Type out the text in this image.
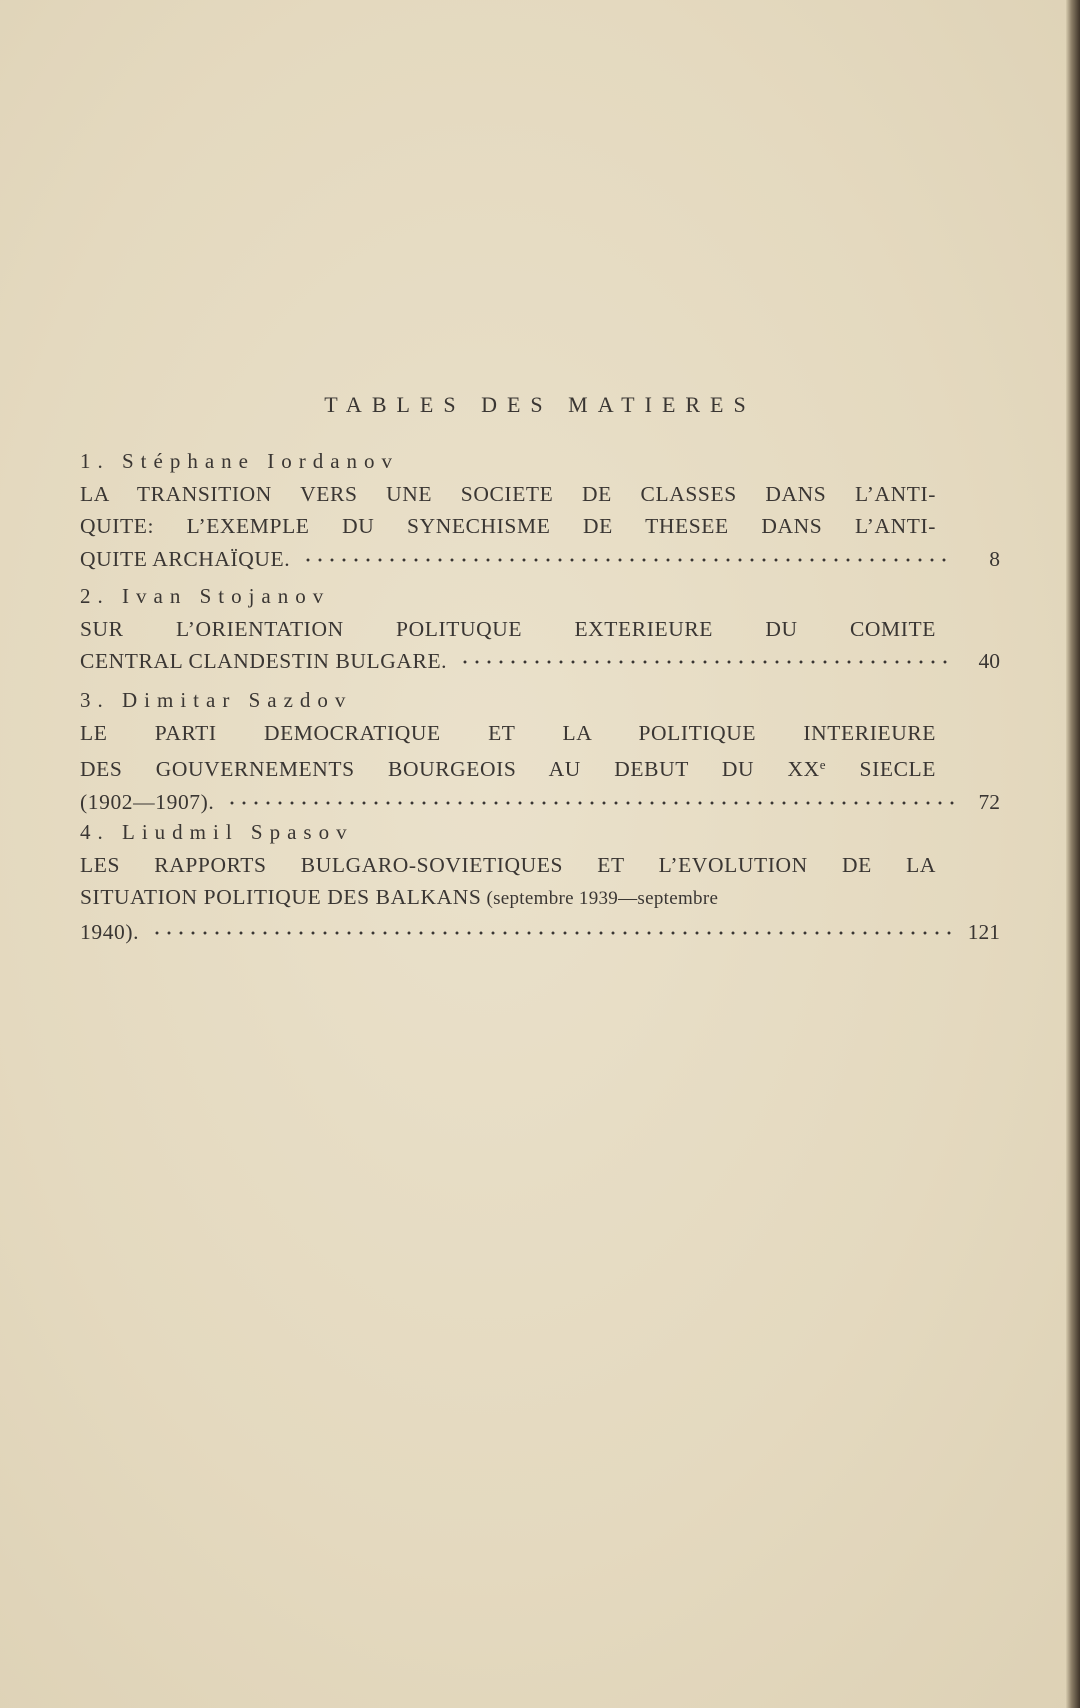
TABLES DES MATIERES
1. Stéphane Iordanov
LA TRANSITION VERS UNE SOCIETE DE CLASSES DANS L’ANTI-
QUITE: L’EXEMPLE DU SYNECHISME DE THESEE DANS L’ANTI-
QUITE ARCHAÏQUE.	8
2. Ivan Stojanov
SUR L’ORIENTATION POLITUQUE EXTERIEURE DU COMITE
CENTRAL CLANDESTIN BULGARE.	40
3. Dimitar Sazdov
LE PARTI DEMOCRATIQUE ET LA POLITIQUE INTERIEURE
DES GOUVERNEMENTS BOURGEOIS AU DEBUT DU XXe SIECLE
(1902—1907).	72
4. Liudmil Spasov
LES RAPPORTS BULGARO-SOVIETIQUES ET L’EVOLUTION DE LA
SITUATION POLITIQUE DES BALKANS (septembre 1939—septembre
1940).	121
